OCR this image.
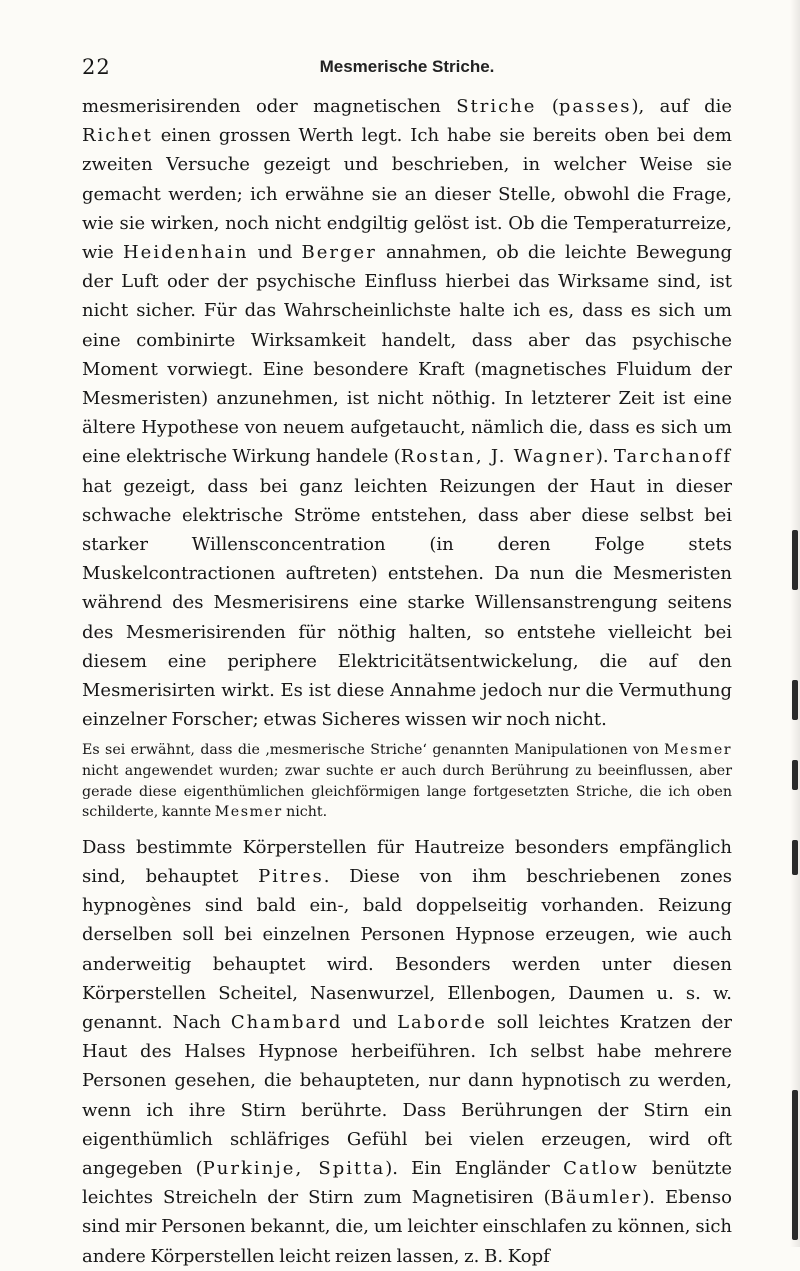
22	Mesmerische Striche.

mesmerisirenden oder magnetischen Striche (passes), auf die Richet einen grossen Werth legt. Ich habe sie bereits oben bei dem zweiten Versuche gezeigt und beschrieben, in welcher Weise sie gemacht werden; ich erwähne sie an dieser Stelle, obwohl die Frage, wie sie wirken, noch nicht endgiltig gelöst ist. Ob die Temperaturreize, wie Heidenhain und Berger annahmen, ob die leichte Bewegung der Luft oder der psychische Einfluss hierbei das Wirksame sind, ist nicht sicher. Für das Wahrscheinlichste halte ich es, dass es sich um eine combinirte Wirksamkeit handelt, dass aber das psychische Moment vorwiegt. Eine besondere Kraft (magnetisches Fluidum der Mesmeristen) anzunehmen, ist nicht nöthig. In letzterer Zeit ist eine ältere Hypothese von neuem aufgetaucht, nämlich die, dass es sich um eine elektrische Wirkung handele (Rostan, J. Wagner). Tarchanoff hat gezeigt, dass bei ganz leichten Reizungen der Haut in dieser schwache elektrische Ströme entstehen, dass aber diese selbst bei starker Willensconcentration (in deren Folge stets Muskelcontractionen auftreten) entstehen. Da nun die Mesmeristen während des Mesmerisirens eine starke Willensanstrengung seitens des Mesmerisirenden für nöthig halten, so entstehe vielleicht bei diesem eine periphere Elektricitätsentwickelung, die auf den Mesmerisirten wirkt. Es ist diese Annahme jedoch nur die Vermuthung einzelner Forscher; etwas Sicheres wissen wir noch nicht.

Es sei erwähnt, dass die ‚mesmerische Striche‘ genannten Manipulationen von Mesmer nicht angewendet wurden; zwar suchte er auch durch Berührung zu beeinflussen, aber gerade diese eigenthümlichen gleichförmigen lange fortgesetzten Striche, die ich oben schilderte, kannte Mesmer nicht.

Dass bestimmte Körperstellen für Hautreize besonders empfänglich sind, behauptet Pitres. Diese von ihm beschriebenen zones hypnogènes sind bald ein-, bald doppelseitig vorhanden. Reizung derselben soll bei einzelnen Personen Hypnose erzeugen, wie auch anderweitig behauptet wird. Besonders werden unter diesen Körperstellen Scheitel, Nasenwurzel, Ellenbogen, Daumen u. s. w. genannt. Nach Chambard und Laborde soll leichtes Kratzen der Haut des Halses Hypnose herbeiführen. Ich selbst habe mehrere Personen gesehen, die behaupteten, nur dann hypnotisch zu werden, wenn ich ihre Stirn berührte. Dass Berührungen der Stirn ein eigenthümlich schläfriges Gefühl bei vielen erzeugen, wird oft angegeben (Purkinje, Spitta). Ein Engländer Catlow benützte leichtes Streicheln der Stirn zum Magnetisiren (Bäumler). Ebenso sind mir Personen bekannt, die, um leichter einschlafen zu können, sich andere Körperstellen leicht reizen lassen, z. B. Kopf
